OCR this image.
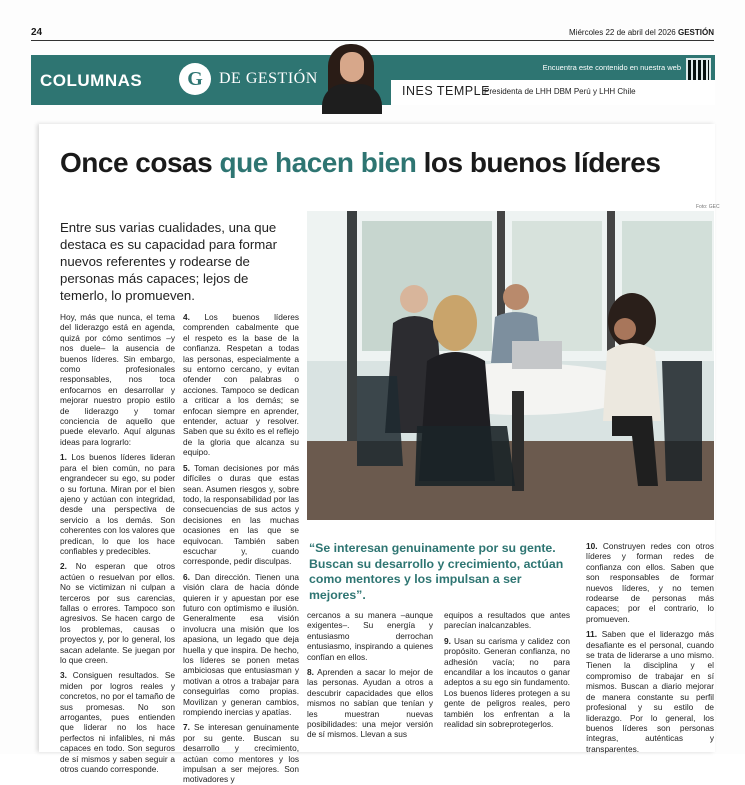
24	Miércoles 22 de abril del 2026 GESTIÓN
COLUMNAS	G	DE GESTIÓN
Encuentra este contenido en nuestra web
INES TEMPLE
Presidenta de LHH DBM Perú y LHH Chile
Once cosas que hacen bien los buenos líderes
Entre sus varias cualidades, una que destaca es su capacidad para formar nuevos referentes y rodearse de personas más capaces; lejos de temerlo, lo promueven.
Foto: GEC

Hoy, más que nunca, el tema del liderazgo está en agenda, quizá por cómo sentimos –y nos duele– la ausencia de buenos líderes. Sin embargo, como profesionales responsables, nos toca enfocarnos en desarrollar y mejorar nuestro propio estilo de liderazgo y tomar conciencia de aquello que puede elevarlo. Aquí algunas ideas para lograrlo:

1. Los buenos líderes lideran para el bien común, no para engrandecer su ego, su poder o su fortuna. Miran por el bien ajeno y actúan con integridad, desde una perspectiva de servicio a los demás. Son coherentes con los valores que predican, lo que los hace confiables y predecibles.

2. No esperan que otros actúen o resuelvan por ellos. No se victimizan ni culpan a terceros por sus carencias, fallas o errores. Tampoco son agresivos. Se hacen cargo de los problemas, causas o proyectos y, por lo general, los sacan adelante. Se juegan por lo que creen.

3. Consiguen resultados. Se miden por logros reales y concretos, no por el tamaño de sus promesas. No son arrogantes, pues entienden que liderar no los hace perfectos ni infalibles, ni más capaces en todo. Son seguros de sí mismos y saben seguir a otros cuando corresponde.

4. Los buenos líderes comprenden cabalmente que el respeto es la base de la confianza. Respetan a todas las personas, especialmente a su entorno cercano, y evitan ofender con palabras o acciones. Tampoco se dedican a criticar a los demás; se enfocan siempre en aprender, entender, actuar y resolver. Saben que su éxito es el reflejo de la gloria que alcanza su equipo.

5. Toman decisiones por más difíciles o duras que estas sean. Asumen riesgos y, sobre todo, la responsabilidad por las consecuencias de sus actos y decisiones en las muchas ocasiones en las que se equivocan. También saben escuchar y, cuando corresponde, pedir disculpas.

6. Dan dirección. Tienen una visión clara de hacia dónde quieren ir y apuestan por ese futuro con optimismo e ilusión. Generalmente esa visión involucra una misión que los apasiona, un legado que deja huella y que inspira. De hecho, los líderes se ponen metas ambiciosas que entusiasman y motivan a otros a trabajar para conseguirlas como propias. Movilizan y generan cambios, rompiendo inercias y apatías.

7. Se interesan genuinamente por su gente. Buscan su desarrollo y crecimiento, actúan como mentores y los impulsan a ser mejores. Son motivadores y

“Se interesan genuinamente por su gente. Buscan su desarrollo y crecimiento, actúan como mentores y los impulsan a ser mejores”.

cercanos a su manera –aunque exigentes–. Su energía y entusiasmo derrochan entusiasmo, inspirando a quienes confían en ellos.

8. Aprenden a sacar lo mejor de las personas. Ayudan a otros a descubrir capacidades que ellos mismos no sabían que tenían y les muestran nuevas posibilidades: una mejor versión de sí mismos. Llevan a sus

equipos a resultados que antes parecían inalcanzables.

9. Usan su carisma y calidez con propósito. Generan confianza, no adhesión vacía; no para encandilar a los incautos o ganar adeptos a su ego sin fundamento. Los buenos líderes protegen a su gente de peligros reales, pero también los enfrentan a la realidad sin sobreprotegerlos.

10. Construyen redes con otros líderes y forman redes de confianza con ellos. Saben que son responsables de formar nuevos líderes, y no temen rodearse de personas más capaces; por el contrario, lo promueven.

11. Saben que el liderazgo más desafiante es el personal, cuando se trata de liderarse a uno mismo. Tienen la disciplina y el compromiso de trabajar en sí mismos. Buscan a diario mejorar de manera constante su perfil profesional y su estilo de liderazgo. Por lo general, los buenos líderes son personas íntegras, auténticas y transparentes.
